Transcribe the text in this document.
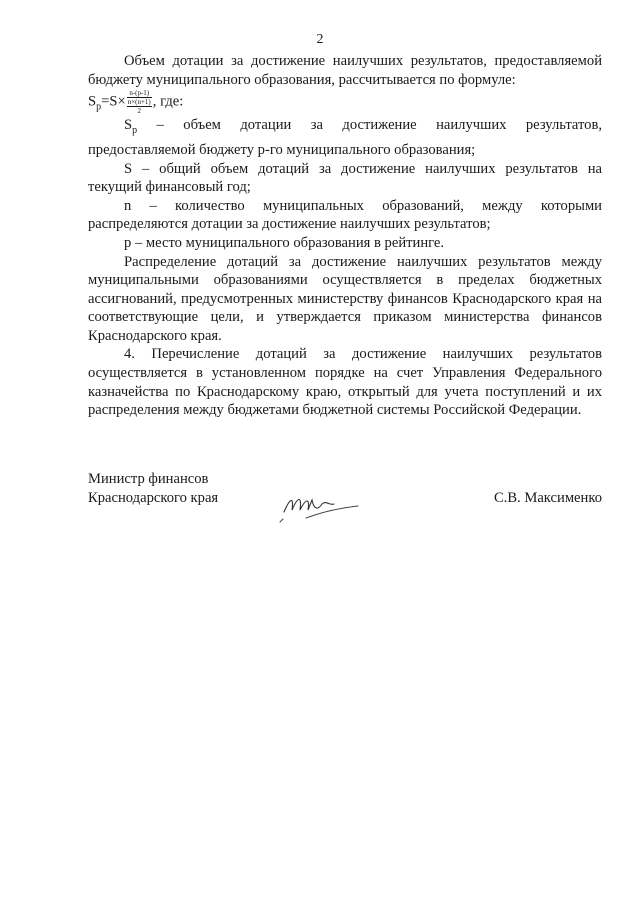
2

Объем дотации за достижение наилучших результатов, предоставляемой бюджету муниципального образования, рассчитывается по формуле:

$S_p=S\times$
n-(p-1)
n×(n+1)
2
, где:

$S_p$ – объем дотации за достижение наилучших результатов, предоставляемой бюджету p-го муниципального образования;

S – общий объем дотаций за достижение наилучших результатов на текущий финансовый год;

n – количество муниципальных образований, между которыми распределяются дотации за достижение наилучших результатов;

p – место муниципального образования в рейтинге.

Распределение дотаций за достижение наилучших результатов между муниципальными образованиями осуществляется в пределах бюджетных ассигнований, предусмотренных министерству финансов Краснодарского края на соответствующие цели, и утверждается приказом министерства финансов Краснодарского края.

4. Перечисление дотаций за достижение наилучших результатов осуществляется в установленном порядке на счет Управления Федерального казначейства по Краснодарскому краю, открытый для учета поступлений и их распределения между бюджетами бюджетной системы Российской Федерации.

Министр финансов
Краснодарского края	С.В. Максименко
